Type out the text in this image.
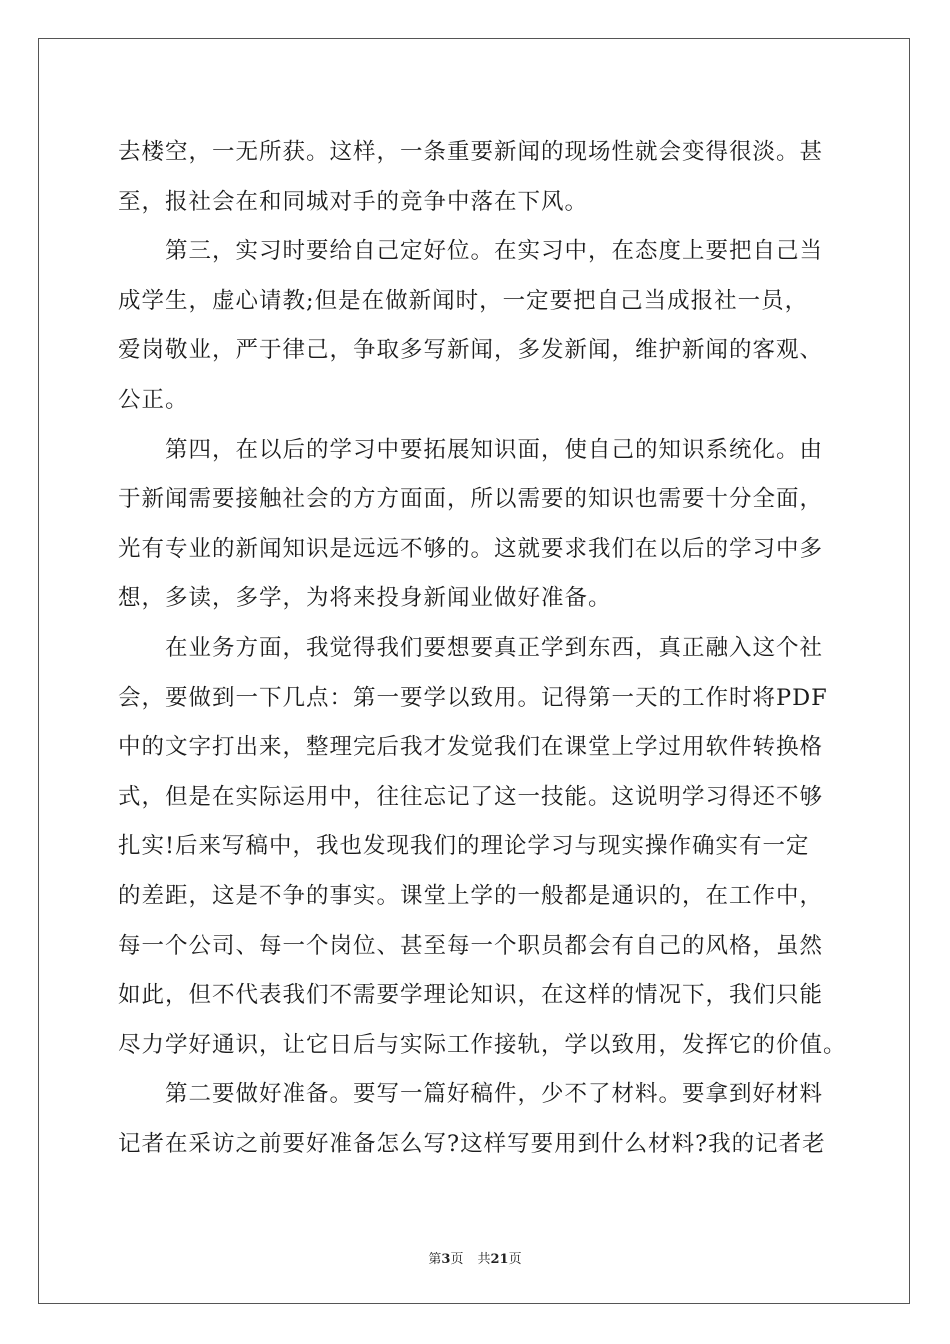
去楼空，一无所获。这样，一条重要新闻的现场性就会变得很淡。甚
至，报社会在和同城对手的竞争中落在下风。
第三，实习时要给自己定好位。在实习中，在态度上要把自己当
成学生，虚心请教;但是在做新闻时，一定要把自己当成报社一员，
爱岗敬业，严于律己，争取多写新闻，多发新闻，维护新闻的客观、
公正。
第四，在以后的学习中要拓展知识面，使自己的知识系统化。由
于新闻需要接触社会的方方面面，所以需要的知识也需要十分全面，
光有专业的新闻知识是远远不够的。这就要求我们在以后的学习中多
想，多读，多学，为将来投身新闻业做好准备。
在业务方面，我觉得我们要想要真正学到东西，真正融入这个社
会，要做到一下几点：第一要学以致用。记得第一天的工作时将PDF
中的文字打出来，整理完后我才发觉我们在课堂上学过用软件转换格
式，但是在实际运用中，往往忘记了这一技能。这说明学习得还不够
扎实!后来写稿中，我也发现我们的理论学习与现实操作确实有一定
的差距，这是不争的事实。课堂上学的一般都是通识的，在工作中，
每一个公司、每一个岗位、甚至每一个职员都会有自己的风格，虽然
如此，但不代表我们不需要学理论知识，在这样的情况下，我们只能
尽力学好通识，让它日后与实际工作接轨，学以致用，发挥它的价值。
第二要做好准备。要写一篇好稿件，少不了材料。要拿到好材料
记者在采访之前要好准备怎么写?这样写要用到什么材料?我的记者老
第3页 共21页
